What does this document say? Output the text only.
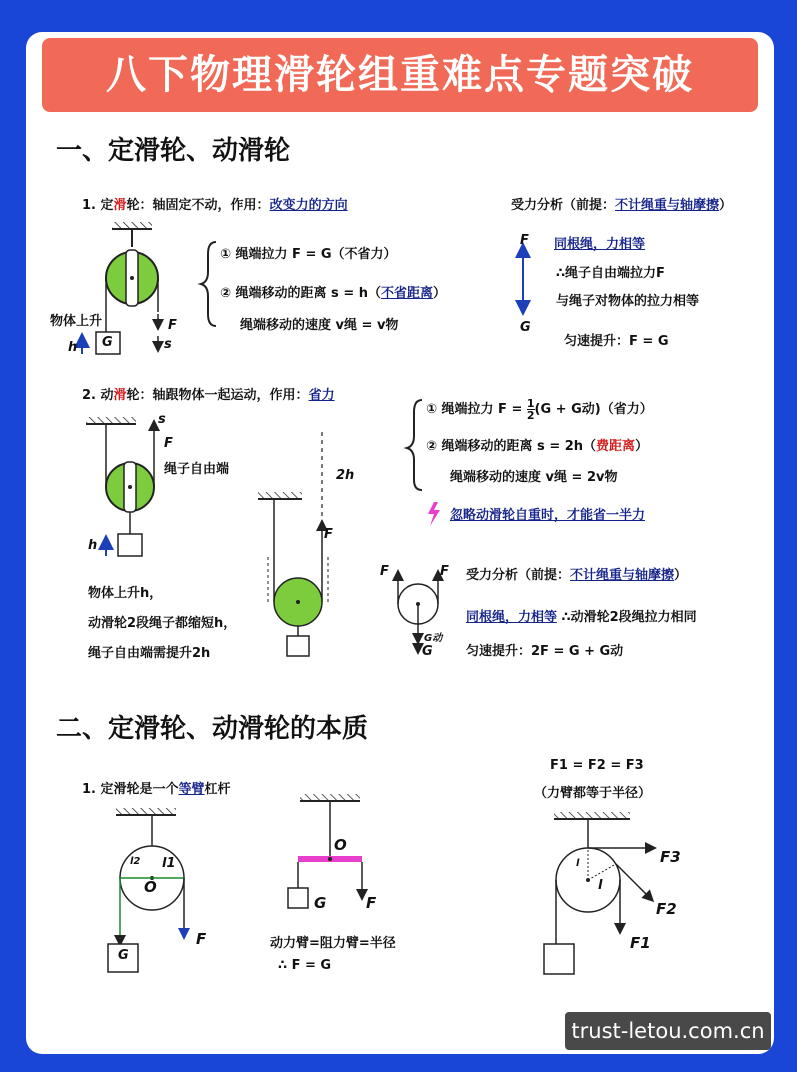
八下物理滑轮组重难点专题突破
一、定滑轮、动滑轮
1. 定滑轮：轴固定不动，作用：改变力的方向
物体上升
h G
F
s
① 绳端拉力 F = G（不省力）
② 绳端移动的距离 s = h（不省距离）
绳端移动的速度 v绳 = v物
受力分析（前提：不计绳重与轴摩擦）
F
G
同根绳，力相等
∴绳子自由端拉力F
与绳子对物体的拉力相等
匀速提升：F = G
2. 动滑轮：轴跟物体一起运动，作用：省力
s
F
绳子自由端
h
2h
F
物体上升h，
动滑轮2段绳子都缩短h，
绳子自由端需提升2h
① 绳端拉力 $F = \frac{1}{2}(G + G$动)（省力）
② 绳端移动的距离 s = 2h（费距离）
绳端移动的速度 v绳 = 2v物
忽略动滑轮自重时，才能省一半力
F	F
G动
G
受力分析（前提：不计绳重与轴摩擦）
同根绳，力相等 ∴动滑轮2段绳拉力相同
匀速提升：2F = G + G动
二、定滑轮、动滑轮的本质
1. 定滑轮是一个等臂杠杆
O
l1
l2
G
F
O
G	F
动力臂=阻力臂=半径
∴ F = G
F1 = F2 = F3
（力臂都等于半径）
F3
F2
F1
l
l
trust-letou.com.cn
